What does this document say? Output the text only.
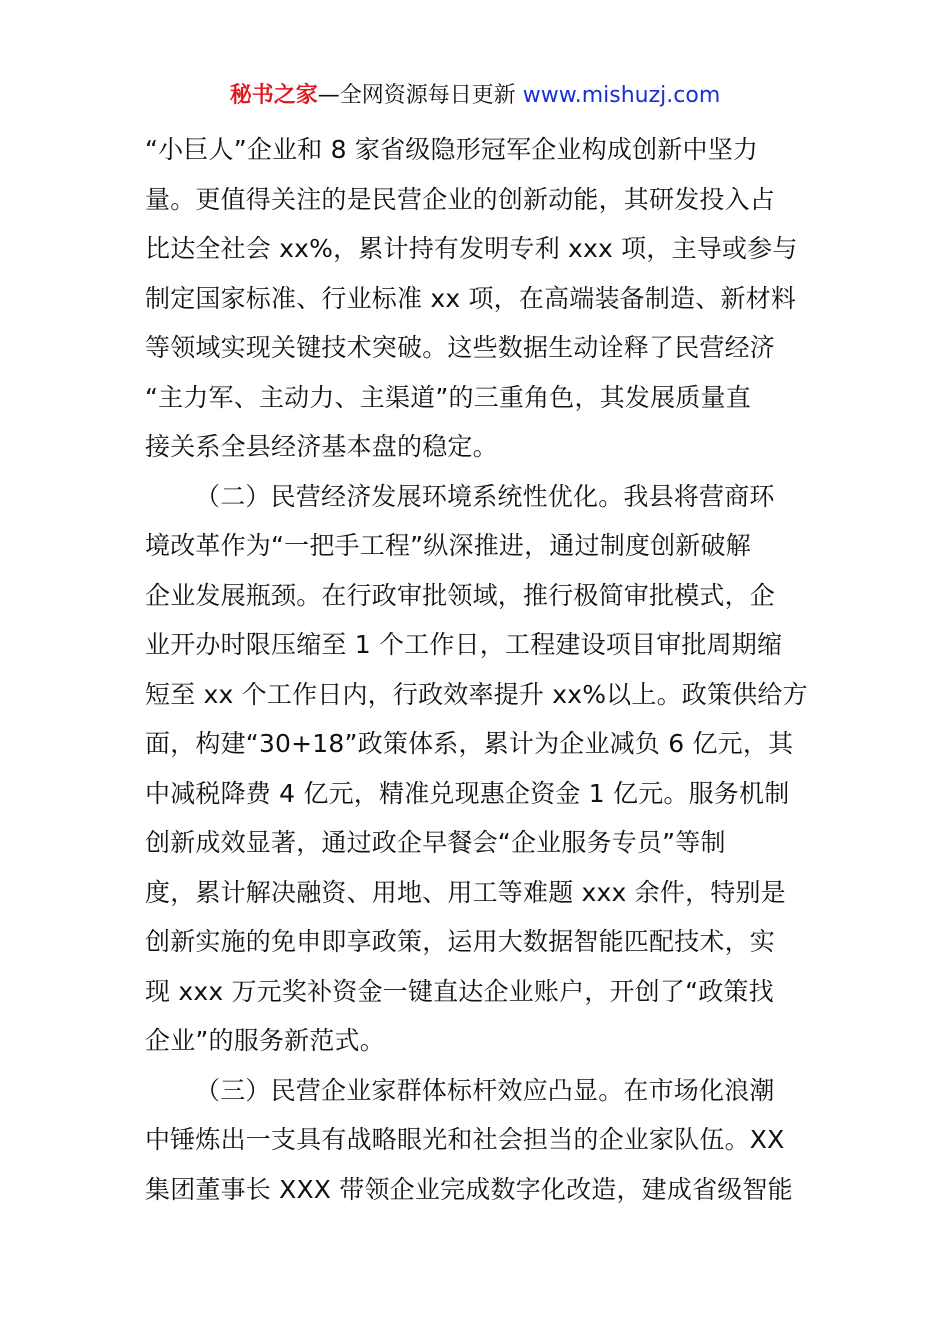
秘书之家—全网资源每日更新 www.mishuzj.com
“小巨人”企业和 8 家省级隐形冠军企业构成创新中坚力
量。更值得关注的是民营企业的创新动能，其研发投入占
比达全社会 xx%，累计持有发明专利 xxx 项，主导或参与
制定国家标准、行业标准 xx 项，在高端装备制造、新材料
等领域实现关键技术突破。这些数据生动诠释了民营经济
“主力军、主动力、主渠道”的三重角色，其发展质量直
接关系全县经济基本盘的稳定。
（二）民营经济发展环境系统性优化。我县将营商环
境改革作为“一把手工程”纵深推进，通过制度创新破解
企业发展瓶颈。在行政审批领域，推行极简审批模式，企
业开办时限压缩至 1 个工作日，工程建设项目审批周期缩
短至 xx 个工作日内，行政效率提升 xx%以上。政策供给方
面，构建“30+18”政策体系，累计为企业减负 6 亿元，其
中减税降费 4 亿元，精准兑现惠企资金 1 亿元。服务机制
创新成效显著，通过政企早餐会“企业服务专员”等制
度，累计解决融资、用地、用工等难题 xxx 余件，特别是
创新实施的免申即享政策，运用大数据智能匹配技术，实
现 xxx 万元奖补资金一键直达企业账户，开创了“政策找
企业”的服务新范式。
（三）民营企业家群体标杆效应凸显。在市场化浪潮
中锤炼出一支具有战略眼光和社会担当的企业家队伍。XX
集团董事长 XXX 带领企业完成数字化改造，建成省级智能
